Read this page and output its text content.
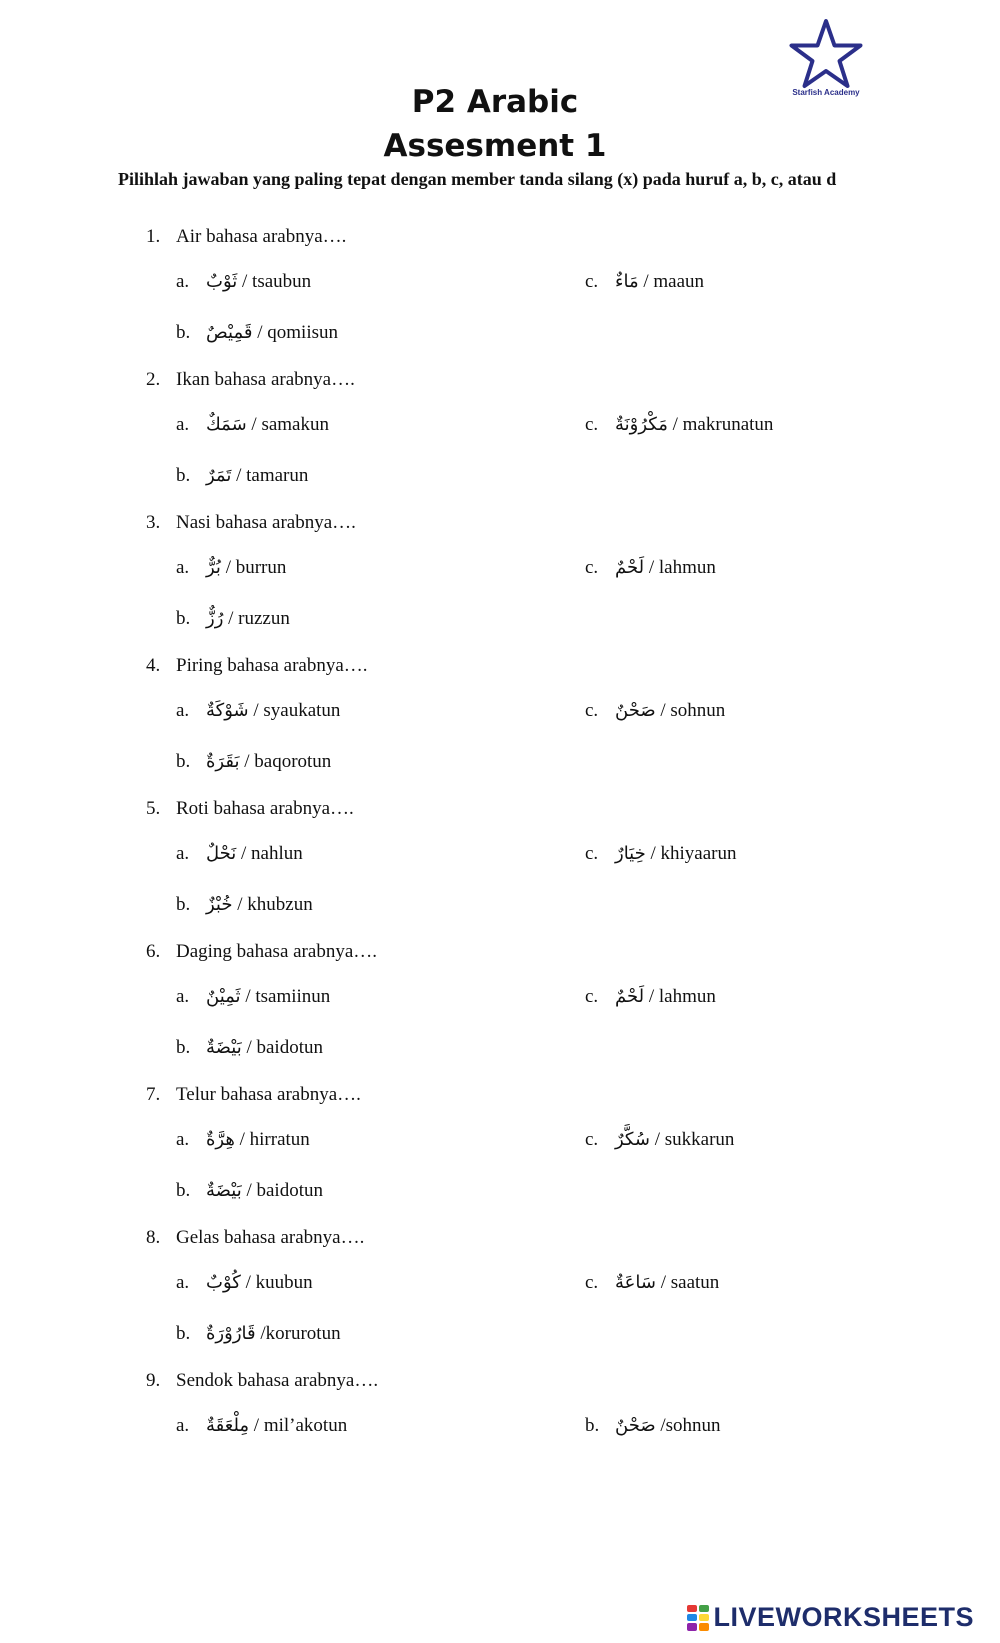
Starfish Academy
P2 Arabic
Assesment 1
Pilihlah jawaban yang paling tepat dengan member tanda silang (x) pada huruf a, b, c, atau d
1. Air bahasa arabnya….
a. ثَوْبٌ / tsaubun	c. مَاءٌ / maaun
b. قَمِيْصٌ / qomiisun
2. Ikan bahasa arabnya….
a. سَمَكٌ / samakun	c. مَكْرُوْنَةٌ / makrunatun
b. تَمَرٌ / tamarun
3. Nasi bahasa arabnya….
a. بُرٌّ / burrun	c. لَحْمٌ / lahmun
b. رُزٌّ / ruzzun
4. Piring bahasa arabnya….
a. شَوْكَةٌ / syaukatun	c. صَحْنٌ / sohnun
b. بَقَرَةٌ / baqorotun
5. Roti bahasa arabnya….
a. نَحْلٌ / nahlun	c. خِيَارٌ / khiyaarun
b. خُبْزٌ / khubzun
6. Daging bahasa arabnya….
a. ثَمِيْنٌ / tsamiinun	c. لَحْمٌ / lahmun
b. بَيْضَةٌ / baidotun
7. Telur bahasa arabnya….
a. هِرَّةٌ / hirratun	c. سُكَّرٌ / sukkarun
b. بَيْضَةٌ / baidotun
8. Gelas bahasa arabnya….
a. كُوْبٌ / kuubun	c. سَاعَةٌ / saatun
b. قَارُوْرَةٌ /korurotun
9. Sendok bahasa arabnya….
a. مِلْعَقَةٌ / mil’akotun	b. صَحْنٌ /sohnun
LIVEWORKSHEETS
